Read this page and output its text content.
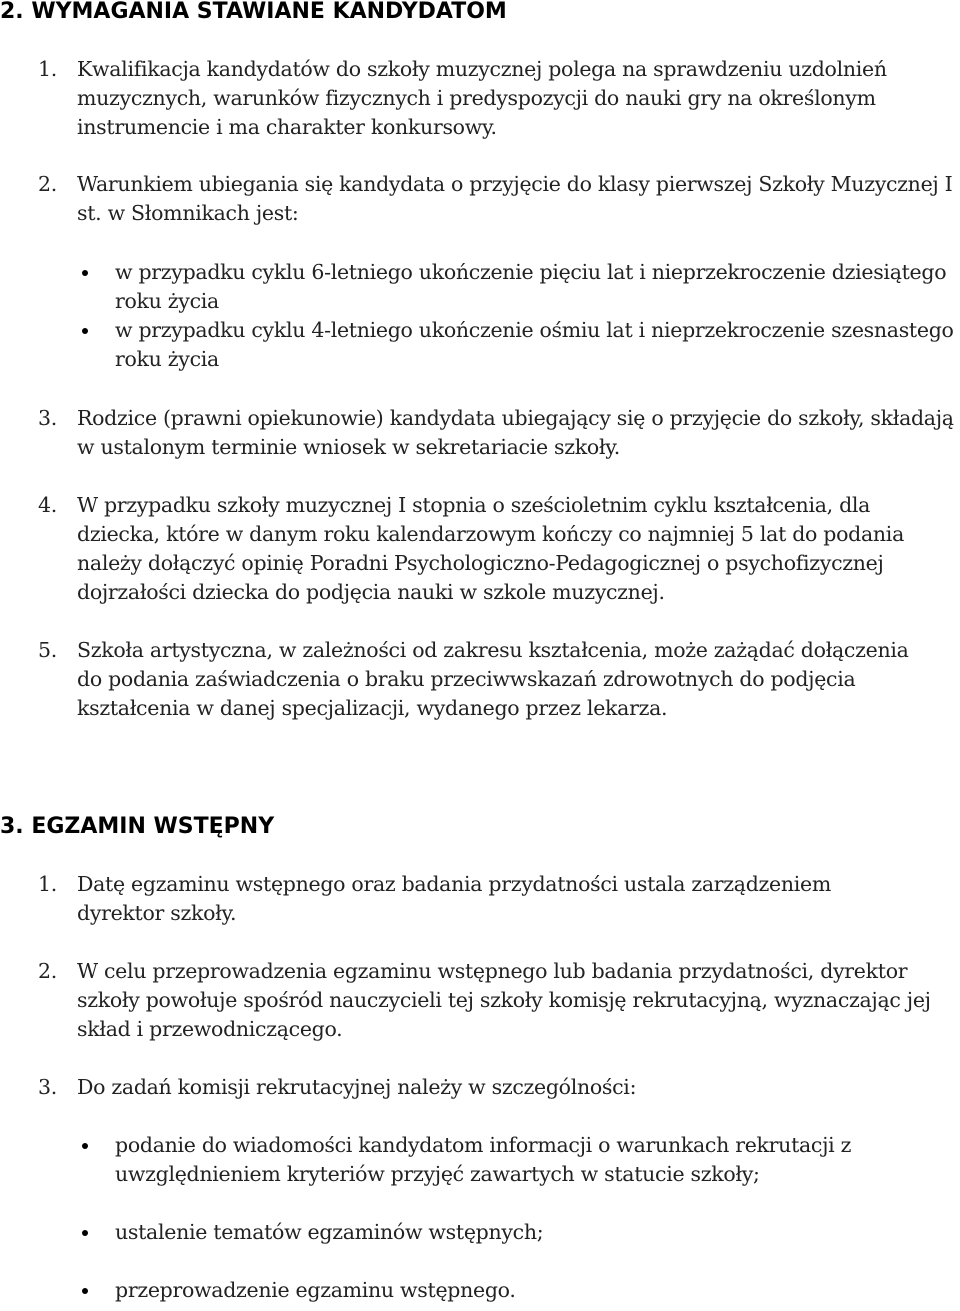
2. WYMAGANIA STAWIANE KANDYDATOM
1. Kwalifikacja kandydatów do szkoły muzycznej polega na sprawdzeniu uzdolnień muzycznych, warunków fizycznych i predyspozycji do nauki gry na określonym instrumencie i ma charakter konkursowy.
2. Warunkiem ubiegania się kandydata o przyjęcie do klasy pierwszej Szkoły Muzycznej I st. w Słomnikach jest:
w przypadku cyklu 6-letniego ukończenie pięciu lat i nieprzekroczenie dziesiątego roku życia
w przypadku cyklu 4-letniego ukończenie ośmiu lat i nieprzekroczenie szesnastego roku życia
3. Rodzice (prawni opiekunowie) kandydata ubiegający się o przyjęcie do szkoły, składają w ustalonym terminie wniosek w sekretariacie szkoły.
4. W przypadku szkoły muzycznej I stopnia o sześcioletnim cyklu kształcenia, dla dziecka, które w danym roku kalendarzowym kończy co najmniej 5 lat do podania należy dołączyć opinię Poradni Psychologiczno-Pedagogicznej o psychofizycznej dojrzałości dziecka do podjęcia nauki w szkole muzycznej.
5. Szkoła artystyczna, w zależności od zakresu kształcenia, może zażądać dołączenia do podania zaświadczenia o braku przeciwwskazań zdrowotnych do podjęcia kształcenia w danej specjalizacji, wydanego przez lekarza.
3. EGZAMIN WSTĘPNY
1. Datę egzaminu wstępnego oraz badania przydatności ustala zarządzeniem dyrektor szkoły.
2. W celu przeprowadzenia egzaminu wstępnego lub badania przydatności, dyrektor szkoły powołuje spośród nauczycieli tej szkoły komisję rekrutacyjną, wyznaczając jej skład i przewodniczącego.
3. Do zadań komisji rekrutacyjnej należy w szczególności:
podanie do wiadomości kandydatom informacji o warunkach rekrutacji z uwzględnieniem kryteriów przyjęć zawartych w statucie szkoły;
ustalenie tematów egzaminów wstępnych;
przeprowadzenie egzaminu wstępnego.
